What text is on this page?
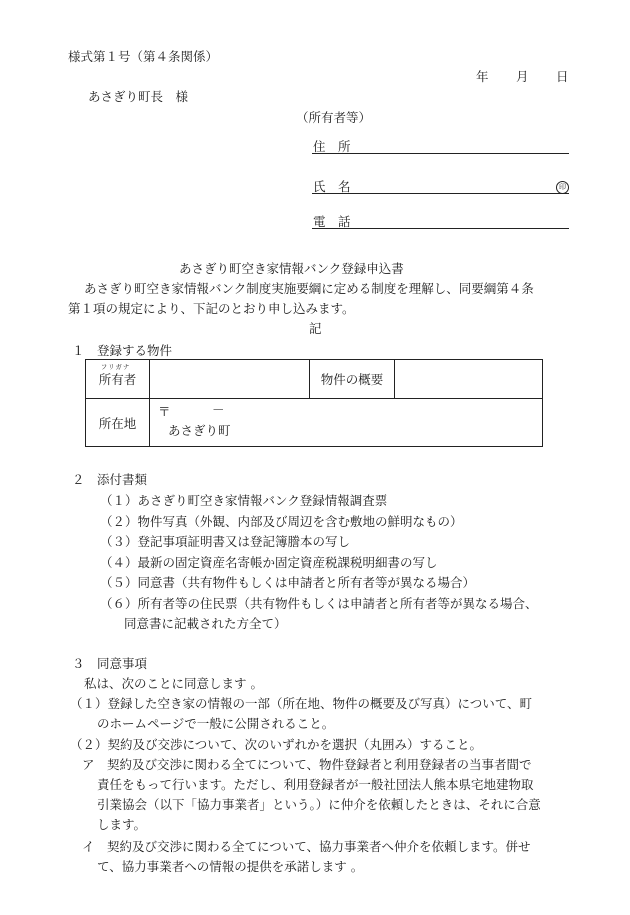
様式第１号（第４条関係）
年 月 日
あさぎり町長　様
（所有者等）
住　所
氏　名	印
電　話
あさぎり町空き家情報バンク登録申込書
あさぎり町空き家情報バンク制度実施要綱に定める制度を理解し、同要綱第４条
第１項の規定により、下記のとおり申し込みます。
記
１　登録する物件
フリガナ
所有者		物件の概要	
所在地	〒 －
あさぎり町		
２　添付書類
（１）あさぎり町空き家情報バンク登録情報調査票
（２）物件写真（外観、内部及び周辺を含む敷地の鮮明なもの）
（３）登記事項証明書又は登記簿謄本の写し
（４）最新の固定資産名寄帳か固定資産税課税明細書の写し
（５）同意書（共有物件もしくは申請者と所有者等が異なる場合）
（６）所有者等の住民票（共有物件もしくは申請者と所有者等が異なる場合、
同意書に記載された方全て）
３　同意事項
私は、次のことに同意します 。
（１）登録した空き家の情報の一部（所在地、物件の概要及び写真）について、町
のホームページで一般に公開されること。
（２）契約及び交渉について、次のいずれかを選択（丸囲み）すること。
ア　契約及び交渉に関わる全てについて、物件登録者と利用登録者の当事者間で
責任をもって行います。ただし、利用登録者が一般社団法人熊本県宅地建物取
引業協会（以下「協力事業者」という。）に仲介を依頼したときは、それに合意
します。
イ　契約及び交渉に関わる全てについて、協力事業者へ仲介を依頼します。併せ
て、協力事業者への情報の提供を承諾します 。
